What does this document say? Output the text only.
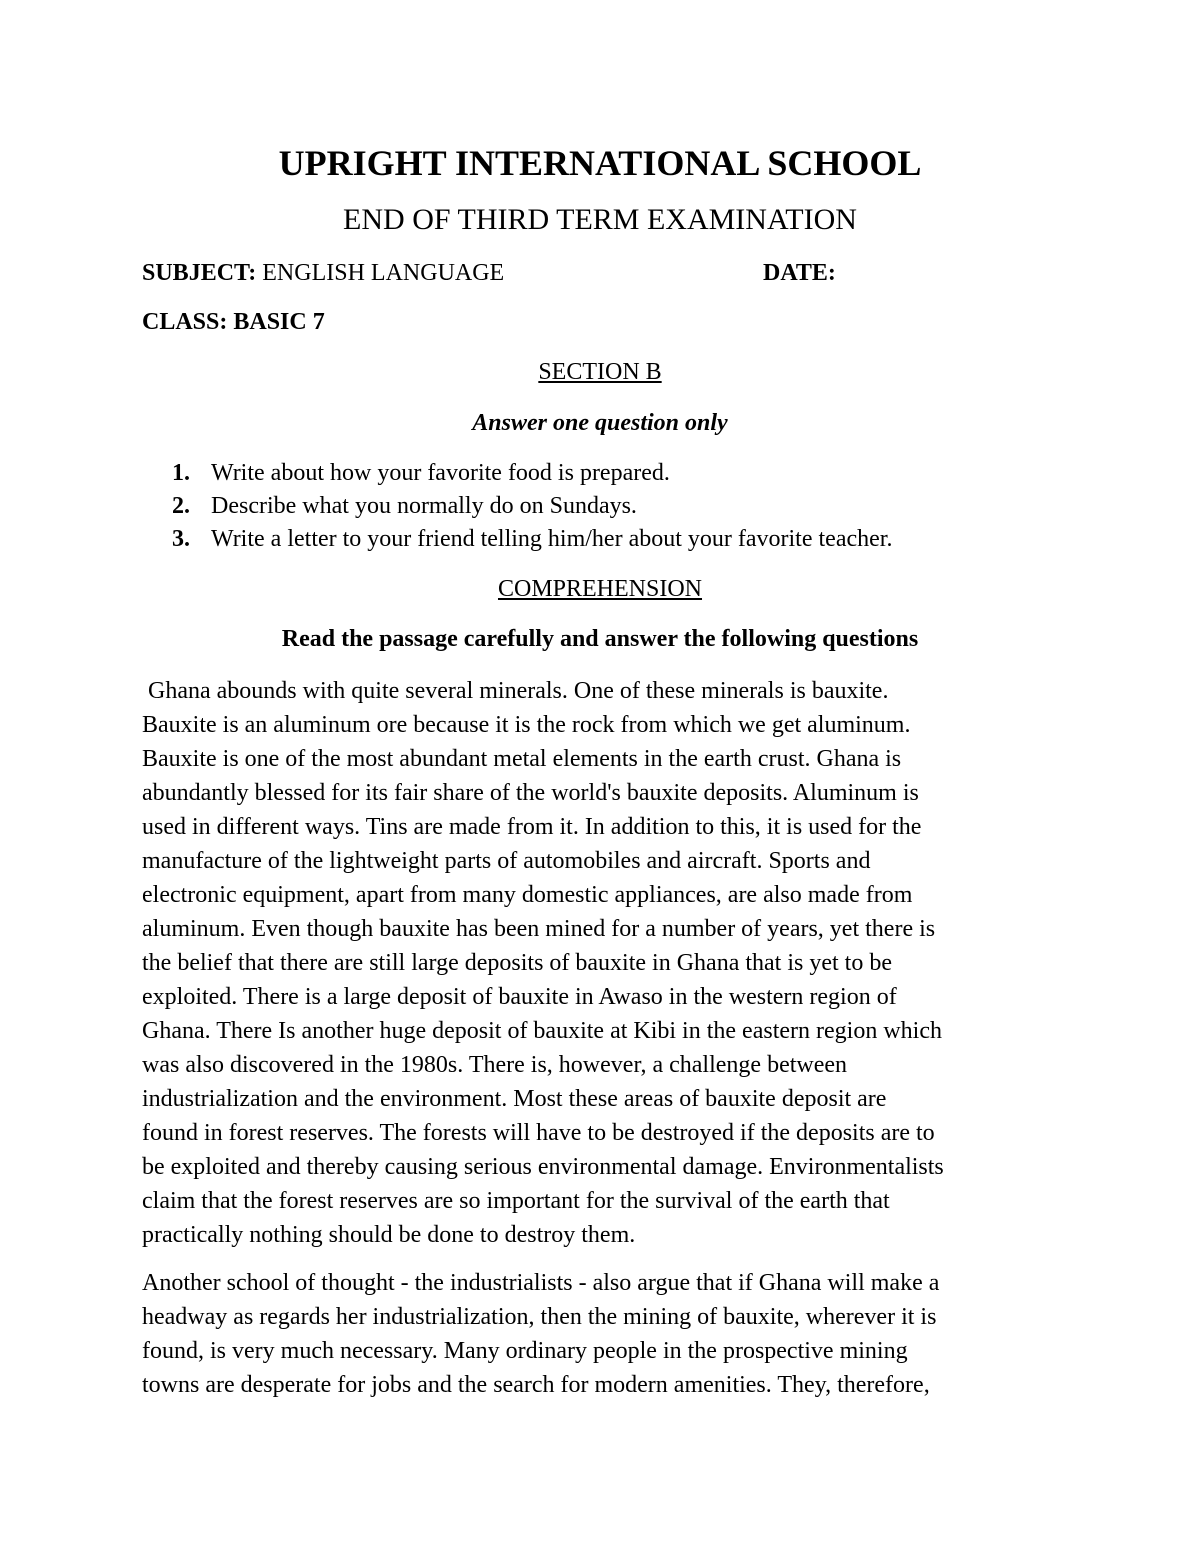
UPRIGHT INTERNATIONAL SCHOOL
END OF THIRD TERM EXAMINATION
SUBJECT: ENGLISH LANGUAGE	DATE:
CLASS: BASIC 7
SECTION B
Answer one question only
1. Write about how your favorite food is prepared.
2. Describe what you normally do on Sundays.
3. Write a letter to your friend telling him/her about your favorite teacher.
COMPREHENSION
Read the passage carefully and answer the following questions

Ghana abounds with quite several minerals. One of these minerals is bauxite.
Bauxite is an aluminum ore because it is the rock from which we get aluminum.
Bauxite is one of the most abundant metal elements in the earth crust. Ghana is
abundantly blessed for its fair share of the world's bauxite deposits. Aluminum is
used in different ways. Tins are made from it. In addition to this, it is used for the
manufacture of the lightweight parts of automobiles and aircraft. Sports and
electronic equipment, apart from many domestic appliances, are also made from
aluminum. Even though bauxite has been mined for a number of years, yet there is
the belief that there are still large deposits of bauxite in Ghana that is yet to be
exploited. There is a large deposit of bauxite in Awaso in the western region of
Ghana. There Is another huge deposit of bauxite at Kibi in the eastern region which
was also discovered in the 1980s. There is, however, a challenge between
industrialization and the environment. Most these areas of bauxite deposit are
found in forest reserves. The forests will have to be destroyed if the deposits are to
be exploited and thereby causing serious environmental damage. Environmentalists
claim that the forest reserves are so important for the survival of the earth that
practically nothing should be done to destroy them.

Another school of thought - the industrialists - also argue that if Ghana will make a
headway as regards her industrialization, then the mining of bauxite, wherever it is
found, is very much necessary. Many ordinary people in the prospective mining
towns are desperate for jobs and the search for modern amenities. They, therefore,
